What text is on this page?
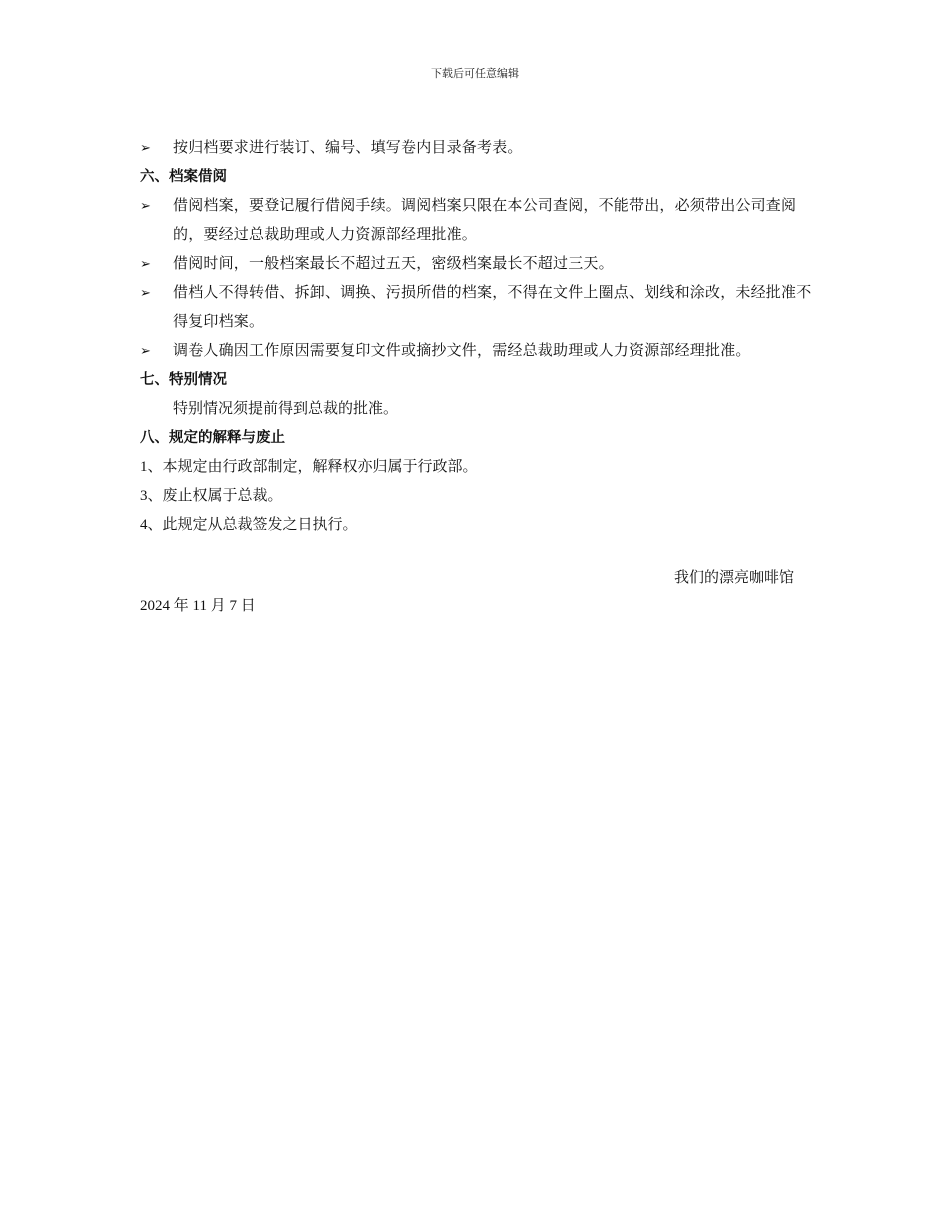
下载后可任意编辑
➢ 按归档要求进行装订、编号、填写卷内目录备考表。
六、档案借阅
➢ 借阅档案，要登记履行借阅手续。调阅档案只限在本公司查阅，不能带出，必须带出公司查阅的，要经过总裁助理或人力资源部经理批准。
➢ 借阅时间，一般档案最长不超过五天，密级档案最长不超过三天。
➢ 借档人不得转借、拆卸、调换、污损所借的档案，不得在文件上圈点、划线和涂改，未经批准不得复印档案。
➢ 调卷人确因工作原因需要复印文件或摘抄文件，需经总裁助理或人力资源部经理批准。
七、特别情况
特别情况须提前得到总裁的批准。
八、规定的解释与废止
1、本规定由行政部制定，解释权亦归属于行政部。
3、废止权属于总裁。
4、此规定从总裁签发之日执行。
我们的漂亮咖啡馆
2024 年 11 月 7 日
